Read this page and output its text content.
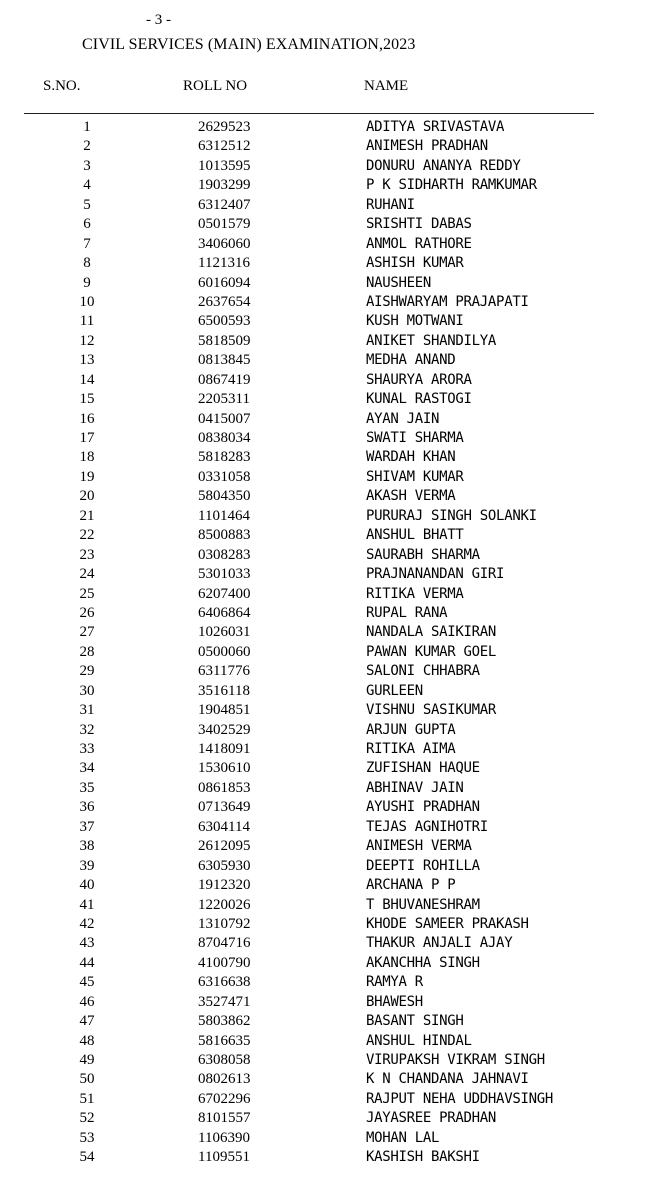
- 3 -
CIVIL SERVICES (MAIN) EXAMINATION,2023
S.NO.	ROLL NO	NAME
1	2629523	ADITYA SRIVASTAVA
2	6312512	ANIMESH PRADHAN
3	1013595	DONURU ANANYA REDDY
4	1903299	P K SIDHARTH RAMKUMAR
5	6312407	RUHANI
6	0501579	SRISHTI DABAS
7	3406060	ANMOL RATHORE
8	1121316	ASHISH KUMAR
9	6016094	NAUSHEEN
10	2637654	AISHWARYAM PRAJAPATI
11	6500593	KUSH MOTWANI
12	5818509	ANIKET SHANDILYA
13	0813845	MEDHA ANAND
14	0867419	SHAURYA ARORA
15	2205311	KUNAL RASTOGI
16	0415007	AYAN JAIN
17	0838034	SWATI SHARMA
18	5818283	WARDAH KHAN
19	0331058	SHIVAM KUMAR
20	5804350	AKASH VERMA
21	1101464	PURURAJ SINGH SOLANKI
22	8500883	ANSHUL BHATT
23	0308283	SAURABH SHARMA
24	5301033	PRAJNANANDAN GIRI
25	6207400	RITIKA VERMA
26	6406864	RUPAL RANA
27	1026031	NANDALA SAIKIRAN
28	0500060	PAWAN KUMAR GOEL
29	6311776	SALONI CHHABRA
30	3516118	GURLEEN
31	1904851	VISHNU SASIKUMAR
32	3402529	ARJUN GUPTA
33	1418091	RITIKA AIMA
34	1530610	ZUFISHAN HAQUE
35	0861853	ABHINAV JAIN
36	0713649	AYUSHI PRADHAN
37	6304114	TEJAS AGNIHOTRI
38	2612095	ANIMESH VERMA
39	6305930	DEEPTI ROHILLA
40	1912320	ARCHANA P P
41	1220026	T BHUVANESHRAM
42	1310792	KHODE SAMEER PRAKASH
43	8704716	THAKUR ANJALI AJAY
44	4100790	AKANCHHA SINGH
45	6316638	RAMYA R
46	3527471	BHAWESH
47	5803862	BASANT SINGH
48	5816635	ANSHUL HINDAL
49	6308058	VIRUPAKSH VIKRAM SINGH
50	0802613	K N CHANDANA JAHNAVI
51	6702296	RAJPUT NEHA UDDHAVSINGH
52	8101557	JAYASREE PRADHAN
53	1106390	MOHAN LAL
54	1109551	KASHISH BAKSHI
